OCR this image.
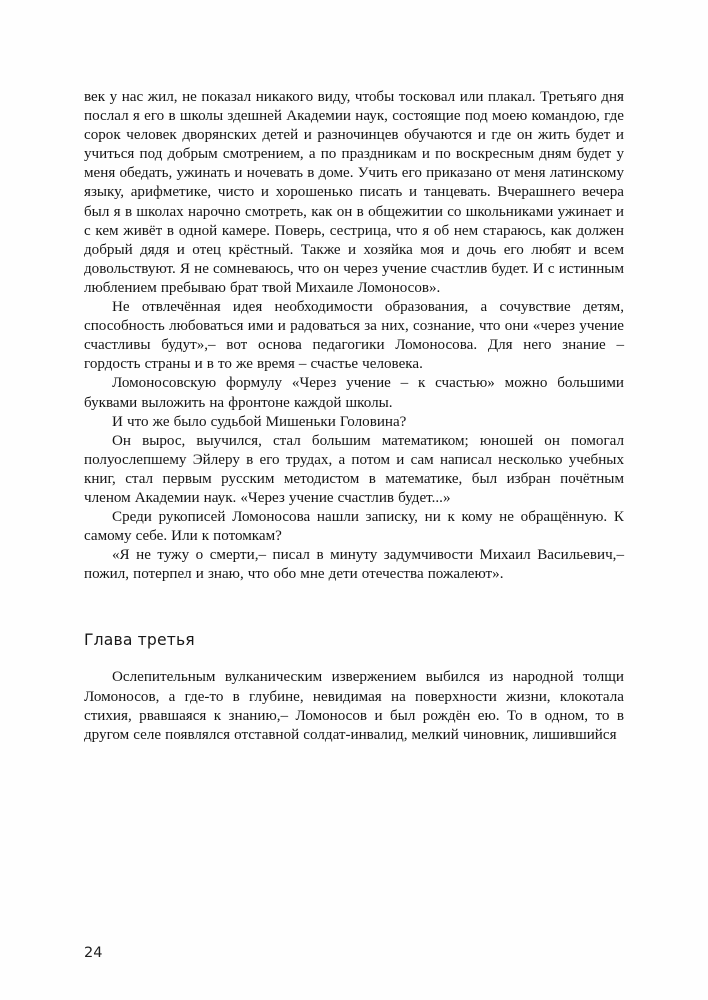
век у нас жил, не показал никакого виду, чтобы тосковал или плакал. Третьяго дня послал я его в школы здешней Академии наук, состоящие под моею командою, где сорок человек дворянских детей и разночинцев обучаются и где он жить будет и учиться под добрым смотрением, а по праздникам и по воскресным дням будет у меня обедать, ужинать и ночевать в доме. Учить его приказано от меня латинскому языку, арифметике, чисто и хорошенько писать и танцевать. Вчерашнего вечера был я в школах нарочно смотреть, как он в общежитии со школьниками ужинает и с кем живёт в одной камере. Поверь, сестрица, что я об нем стараюсь, как должен добрый дядя и отец крёстный. Также и хозяйка моя и дочь его любят и всем довольствуют. Я не сомневаюсь, что он через учение счастлив будет. И с истинным люблением пребываю брат твой Михаиле Ломоносов».

Не отвлечённая идея необходимости образования, а сочувствие детям, способность любоваться ими и радоваться за них, сознание, что они «через учение счастливы будут»,– вот основа педагогики Ломоносова. Для него знание – гордость страны и в то же время – счастье человека.

Ломоносовскую формулу «Через учение – к счастью» можно большими буквами выложить на фронтоне каждой школы.

И что же было судьбой Мишеньки Головина?

Он вырос, выучился, стал большим математиком; юношей он помогал полуослепшему Эйлеру в его трудах, а потом и сам написал несколько учебных книг, стал первым русским методистом в математике, был избран почётным членом Академии наук. «Через учение счастлив будет...»

Среди рукописей Ломоносова нашли записку, ни к кому не обращённую. К самому себе. Или к потомкам?

«Я не тужу о смерти,– писал в минуту задумчивости Михаил Васильевич,– пожил, потерпел и знаю, что обо мне дети отечества пожалеют».

Глава третья

Ослепительным вулканическим извержением выбился из народной толщи Ломоносов, а где-то в глубине, невидимая на поверхности жизни, клокотала стихия, рвавшаяся к знанию,– Ломоносов и был рождён ею. То в одном, то в другом селе появлялся отставной солдат-инвалид, мелкий чиновник, лишившийся

24
